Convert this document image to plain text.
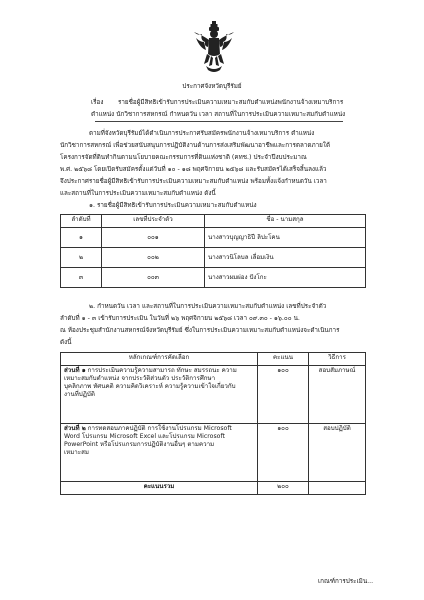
ประกาศจังหวัดบุรีรัมย์
เรื่อง รายชื่อผู้มีสิทธิเข้ารับการประเมินความเหมาะสมกับตำแหน่งพนักงานจ้างเหมาบริการ
ตำแหน่ง นักวิชาการสหกรณ์ กำหนดวัน เวลา สถานที่ในการประเมินความเหมาะสมกับตำแหน่ง
ตามที่จังหวัดบุรีรัมย์ได้ดำเนินการประกาศรับสมัครพนักงานจ้างเหมาบริการ ตำแหน่ง
นักวิชาการสหกรณ์ เพื่อช่วยสนับสนุนการปฏิบัติงานด้านการส่งเสริมพัฒนาอาชีพและการตลาดภายใต้
โครงการจัดที่ดินทำกินตามนโยบายคณะกรรมการที่ดินแห่งชาติ (คทช.) ประจำปีงบประมาณ
พ.ศ. ๒๕๖๘ โดยเปิดรับสมัครตั้งแต่วันที่ ๑๐ - ๑๘ พฤศจิกายน ๒๕๖๘ และรับสมัครได้เสร็จสิ้นลงแล้ว
จึงประกาศรายชื่อผู้มีสิทธิเข้ารับการประเมินความเหมาะสมกับตำแหน่ง พร้อมทั้งแจ้งกำหนดวัน เวลา
และสถานที่ในการประเมินความเหมาะสมกับตำแหน่ง ดังนี้
๑. รายชื่อผู้มีสิทธิเข้ารับการประเมินความเหมาะสมกับตำแหน่ง
ลำดับที่	เลขที่ประจำตัว	ชื่อ - นามสกุล
๑	๐๐๑	นางสาวบุญญาธิปี ลิปะโคน
๒	๐๐๒	นางสาวนิโลบล เลื่อมเงิน
๓	๐๐๓	นางสาวผมผ่อง ปังโกะ
๒. กำหนดวัน เวลา และสถานที่ในการประเมินความเหมาะสมกับตำแหน่ง เลขที่ประจำตัว
ลำดับที่ ๑ - ๓ เข้ารับการประเมิน ในวันที่ ๒๖ พฤศจิกายน ๒๕๖๘ เวลา ๐๙.๓๐ - ๑๖.๐๐ น.
ณ ห้องประชุมสำนักงานสหกรณ์จังหวัดบุรีรัมย์ ซึ่งในการประเมินความเหมาะสมกับตำแหน่งจะดำเนินการ
ดังนี้
หลักเกณฑ์การคัดเลือก	คะแนน	วิธีการ

ส่วนที่ ๑ การประเมินความรู้ความสามารถ ทักษะ สมรรถนะ ความ
เหมาะสมกับตำแหน่ง จากประวัติส่วนตัว ประวัติการศึกษา
บุคลิกภาพ ทัศนคติ ความคิดวิเคราะห์ ความรู้ความเข้าใจเกี่ยวกับ
งานที่ปฏิบัติ	๑๐๐	สอบสัมภาษณ์

ส่วนที่ ๒ การทดสอบภาคปฏิบัติ การใช้งานโปรแกรม Microsoft
Word โปรแกรม Microsoft Excel และโปรแกรม Microsoft
PowerPoint หรือโปรแกรมการปฏิบัติงานอื่นๆ ตามความ
เหมาะสม	๑๐๐	สอบปฏิบัติ
คะแนนรวม	๒๐๐	
เกณฑ์การประเมิน...
